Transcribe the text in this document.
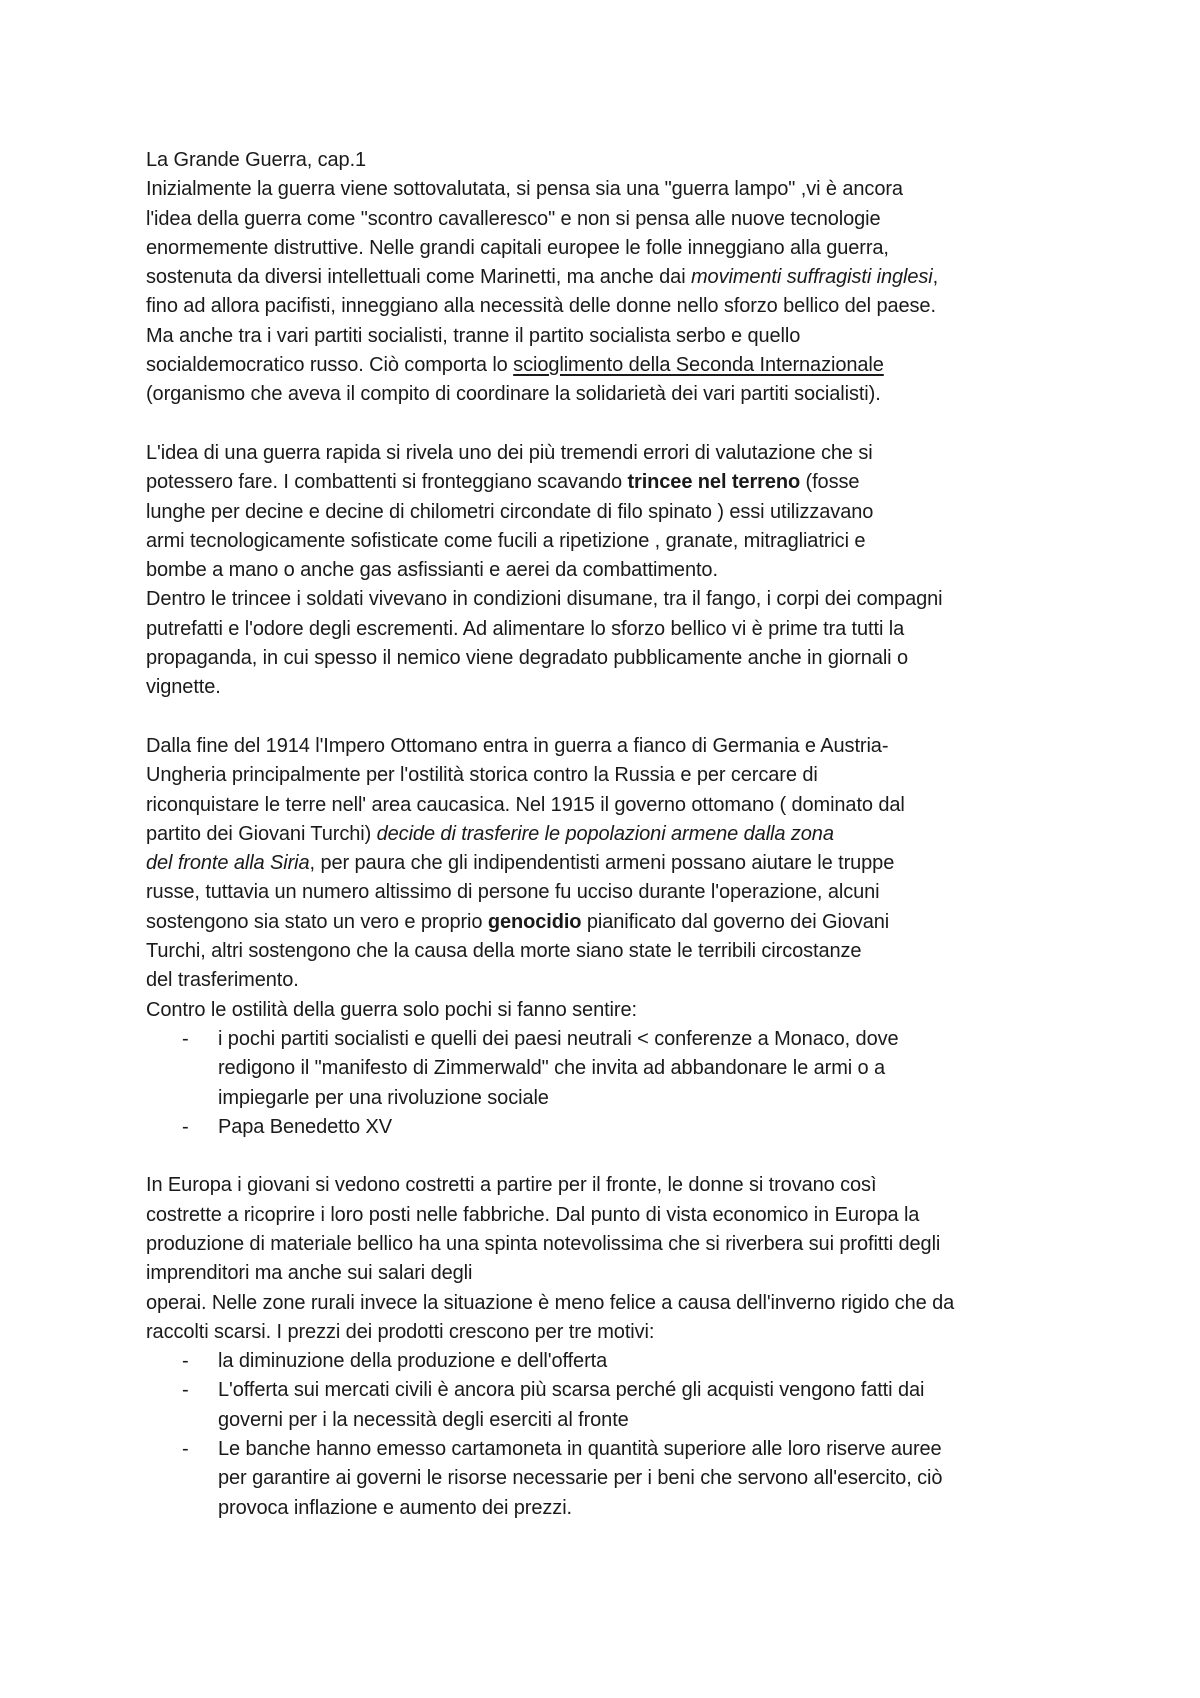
La Grande Guerra, cap.1
Inizialmente la guerra viene sottovalutata, si pensa sia una "guerra lampo" ,vi è ancora
l'idea della guerra come "scontro cavalleresco" e non si pensa alle nuove tecnologie
enormemente distruttive. Nelle grandi capitali europee le folle inneggiano alla guerra,
sostenuta da diversi intellettuali come Marinetti, ma anche dai movimenti suffragisti inglesi,
fino ad allora pacifisti, inneggiano alla necessità delle donne nello sforzo bellico del paese.
Ma anche tra i vari partiti socialisti, tranne il partito socialista serbo e quello
socialdemocratico russo. Ciò comporta lo scioglimento della Seconda Internazionale
(organismo che aveva il compito di coordinare la solidarietà dei vari partiti socialisti).
L'idea di una guerra rapida si rivela uno dei più tremendi errori di valutazione che si
potessero fare. I combattenti si fronteggiano scavando trincee nel terreno (fosse
lunghe per decine e decine di chilometri circondate di filo spinato ) essi utilizzavano
armi tecnologicamente sofisticate come fucili a ripetizione , granate, mitragliatrici e
bombe a mano o anche gas asfissianti e aerei da combattimento.
Dentro le trincee i soldati vivevano in condizioni disumane, tra il fango, i corpi dei compagni
putrefatti e l'odore degli escrementi. Ad alimentare lo sforzo bellico vi è prime tra tutti la
propaganda, in cui spesso il nemico viene degradato pubblicamente anche in giornali o
vignette.
Dalla fine del 1914 l'Impero Ottomano entra in guerra a fianco di Germania e Austria-
Ungheria principalmente per l'ostilità storica contro la Russia e per cercare di
riconquistare le terre nell' area caucasica. Nel 1915 il governo ottomano ( dominato dal
partito dei Giovani Turchi) decide di trasferire le popolazioni armene dalla zona
del fronte alla Siria, per paura che gli indipendentisti armeni possano aiutare le truppe
russe, tuttavia un numero altissimo di persone fu ucciso durante l'operazione, alcuni
sostengono sia stato un vero e proprio genocidio pianificato dal governo dei Giovani
Turchi, altri sostengono che la causa della morte siano state le terribili circostanze
del trasferimento.
Contro le ostilità della guerra solo pochi si fanno sentire:
- i pochi partiti socialisti e quelli dei paesi neutrali < conferenze a Monaco, dove
redigono il "manifesto di Zimmerwald" che invita ad abbandonare le armi o a
impiegarle per una rivoluzione sociale
- Papa Benedetto XV
In Europa i giovani si vedono costretti a partire per il fronte, le donne si trovano così
costrette a ricoprire i loro posti nelle fabbriche. Dal punto di vista economico in Europa la
produzione di materiale bellico ha una spinta notevolissima che si riverbera sui profitti degli
imprenditori ma anche sui salari degli
operai. Nelle zone rurali invece la situazione è meno felice a causa dell'inverno rigido che da
raccolti scarsi. I prezzi dei prodotti crescono per tre motivi:
- la diminuzione della produzione e dell'offerta
- L'offerta sui mercati civili è ancora più scarsa perché gli acquisti vengono fatti dai
governi per i la necessità degli eserciti al fronte
- Le banche hanno emesso cartamoneta in quantità superiore alle loro riserve auree
per garantire ai governi le risorse necessarie per i beni che servono all'esercito, ciò
provoca inflazione e aumento dei prezzi.
